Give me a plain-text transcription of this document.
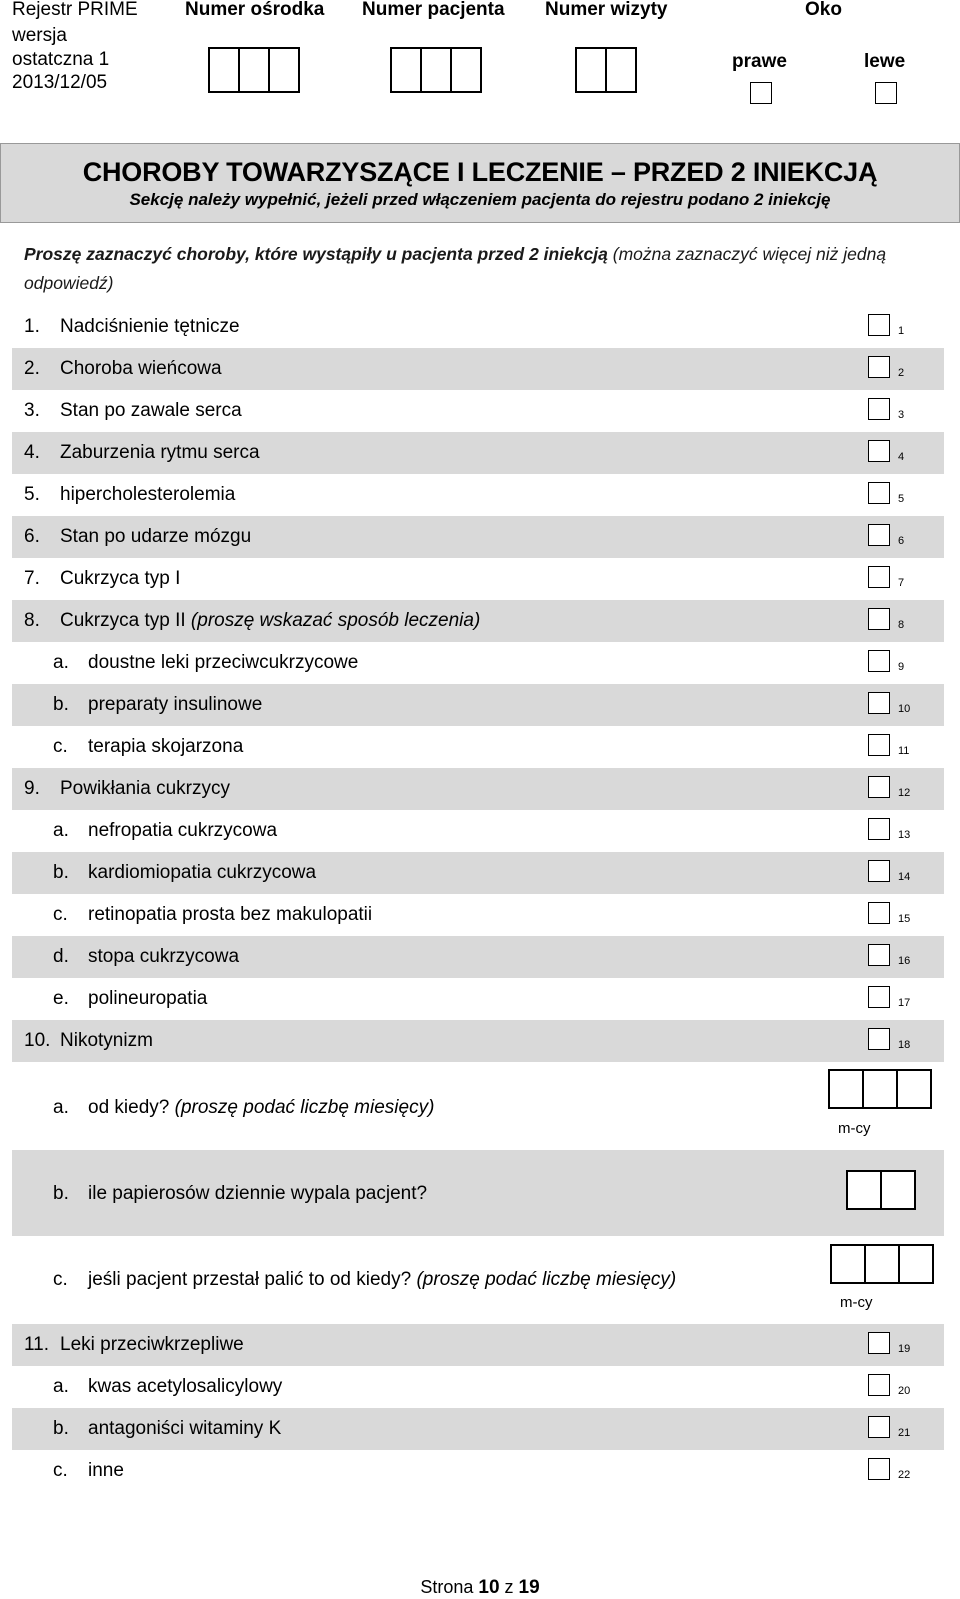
Rejestr PRIME
wersja
ostatczna 1
2013/12/05
Numer ośrodka Numer pacjenta Numer wizyty	Oko
prawe	lewe
CHOROBY TOWARZYSZĄCE I LECZENIE – PRZED 2 INIEKCJĄ
Sekcję należy wypełnić, jeżeli przed włączeniem pacjenta do rejestru podano 2 iniekcję
Proszę zaznaczyć choroby, które wystąpiły u pacjenta przed 2 iniekcją (można zaznaczyć więcej niż jedną odpowiedź)
1. Nadciśnienie tętnicze	1
2. Choroba wieńcowa	2
3. Stan po zawale serca	3
4. Zaburzenia rytmu serca	4
5. hipercholesterolemia	5
6. Stan po udarze mózgu	6
7. Cukrzyca typ I	7
8. Cukrzyca typ II (proszę wskazać sposób leczenia)	8
a. doustne leki przeciwcukrzycowe	9
b. preparaty insulinowe	10
c. terapia skojarzona	11
9. Powikłania cukrzycy	12
a. nefropatia cukrzycowa	13
b. kardiomiopatia cukrzycowa	14
c. retinopatia prosta bez makulopatii	15
d. stopa cukrzycowa	16
e. polineuropatia	17
10. Nikotynizm	18
a. od kiedy? (proszę podać liczbę miesięcy)
m-cy
b. ile papierosów dziennie wypala pacjent?
c. jeśli pacjent przestał palić to od kiedy? (proszę podać liczbę miesięcy)
m-cy
11. Leki przeciwkrzepliwe	19
a. kwas acetylosalicylowy	20
b. antagoniści witaminy K	21
c. inne	22
Strona 10 z 19
